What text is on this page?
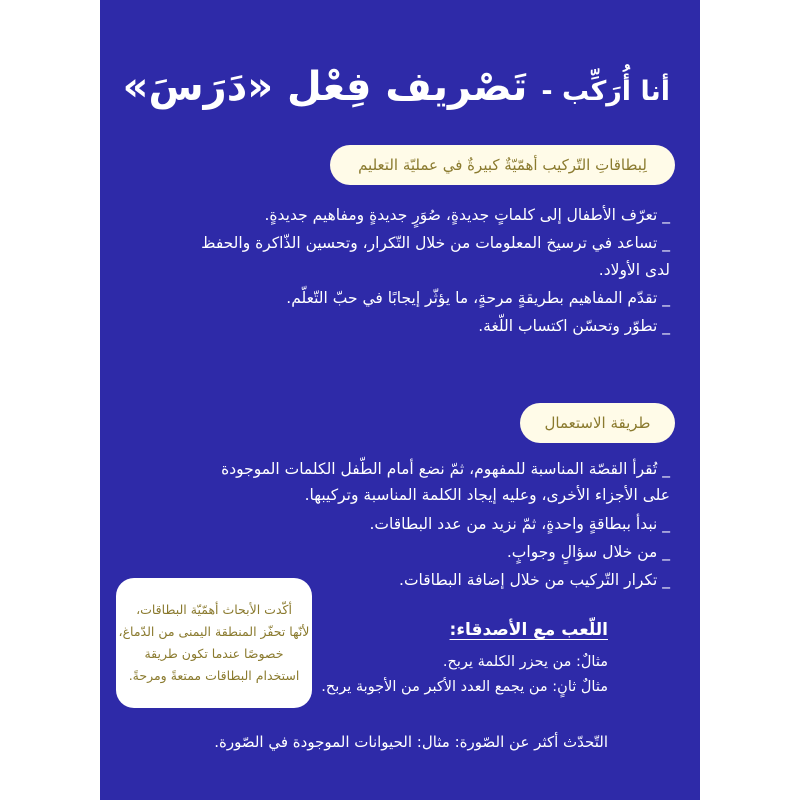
أنا أُرَكِّب -
تَصْريف فِعْل «دَرَسَ»
لِبطاقاتِ التّركيب أهمّيّةٌ كبيرةٌ في عمليّة التعليم
_ تعرّف الأطفال إلى كلماتٍ جديدةٍ، صُوَرٍ جديدةٍ ومفاهيم جديدةٍ.
_ تساعد في ترسيخ المعلومات من خلال التّكرار، وتحسين الذّاكرة والحفظ لدى الأولاد.
_ تقدّم المفاهيم بطريقةٍ مرحةٍ، ما يؤثّر إيجابًا في حبّ التّعلّم.
_ تطوّر وتحسّن اكتساب اللّغة.
طريقة الاستعمال
_ تُقرأ القصّة المناسبة للمفهوم، ثمّ نضع أمام الطّفل الكلمات الموجودة على الأجزاء الأخرى، وعليه إيجاد الكلمة المناسبة وتركيبها.
_ نبدأ ببطاقةٍ واحدةٍ، ثمّ نزيد من عدد البطاقات.
_ من خلال سؤالٍ وجوابٍ.
_ تكرار التّركيب من خلال إضافة البطاقات.
أكّدت الأبحاث أهمّيّة البطاقات،
لأنّها تحفّز المنطقة اليمنى من الدّماغ،
خصوصًا عندما تكون طريقة
استخدام البطاقات ممتعةً ومرحةً.
اللّعب مع الأصدقاء:
مثالٌ: من يحزر الكلمة يربح.
مثالٌ ثانٍ: من يجمع العدد الأكبر من الأجوبة يربح.
التّحدّث أكثر عن الصّورة: مثال: الحيوانات الموجودة في الصّورة.
